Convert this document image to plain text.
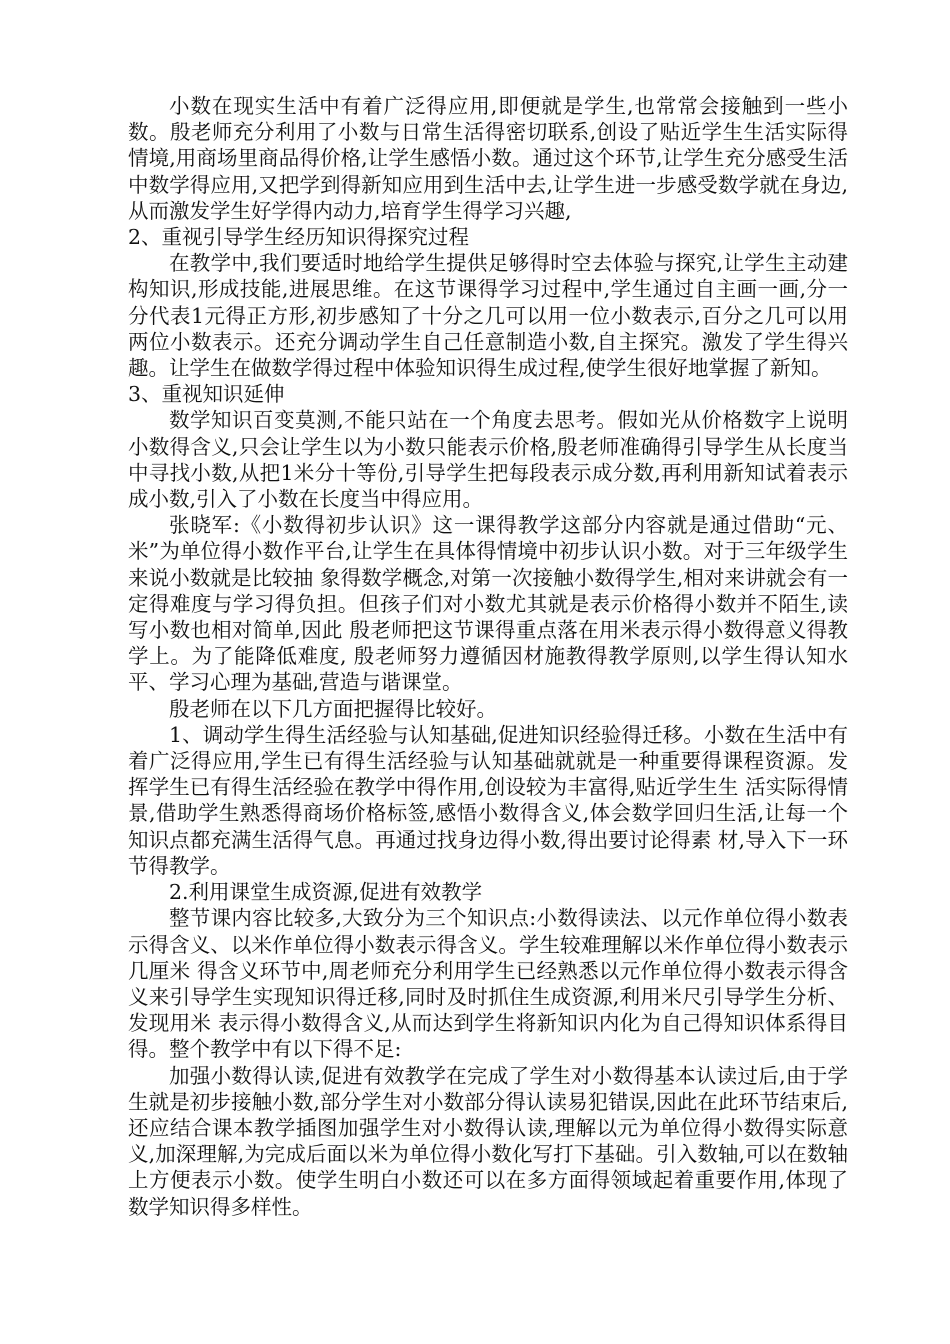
小数在现实生活中有着广泛得应用,即便就是学生,也常常会接触到一些小数。殷老师充分利用了小数与日常生活得密切联系,创设了贴近学生生活实际得情境,用商场里商品得价格,让学生感悟小数。通过这个环节,让学生充分感受生活中数学得应用,又把学到得新知应用到生活中去,让学生进一步感受数学就在身边,从而激发学生好学得内动力,培育学生得学习兴趣,

2、重视引导学生经历知识得探究过程

在教学中,我们要适时地给学生提供足够得时空去体验与探究,让学生主动建构知识,形成技能,进展思维。在这节课得学习过程中,学生通过自主画一画,分一分代表1元得正方形,初步感知了十分之几可以用一位小数表示,百分之几可以用两位小数表示。还充分调动学生自己任意制造小数,自主探究。激发了学生得兴趣。让学生在做数学得过程中体验知识得生成过程,使学生很好地掌握了新知。

3、重视知识延伸

数学知识百变莫测,不能只站在一个角度去思考。假如光从价格数字上说明小数得含义,只会让学生以为小数只能表示价格,殷老师准确得引导学生从长度当中寻找小数,从把1米分十等份,引导学生把每段表示成分数,再利用新知试着表示成小数,引入了小数在长度当中得应用。

张晓军:《小数得初步认识》这一课得教学这部分内容就是通过借助“元、米”为单位得小数作平台,让学生在具体得情境中初步认识小数。对于三年级学生来说小数就是比较抽 象得数学概念,对第一次接触小数得学生,相对来讲就会有一定得难度与学习得负担。但孩子们对小数尤其就是表示价格得小数并不陌生,读写小数也相对简单,因此 殷老师把这节课得重点落在用米表示得小数得意义得教学上。为了能降低难度, 殷老师努力遵循因材施教得教学原则,以学生得认知水平、学习心理为基础,营造与谐课堂。

殷老师在以下几方面把握得比较好。

1、调动学生得生活经验与认知基础,促进知识经验得迁移。小数在生活中有着广泛得应用,学生已有得生活经验与认知基础就就是一种重要得课程资源。发挥学生已有得生活经验在教学中得作用,创设较为丰富得,贴近学生生 活实际得情景,借助学生熟悉得商场价格标签,感悟小数得含义,体会数学回归生活,让每一个知识点都充满生活得气息。再通过找身边得小数,得出要讨论得素 材,导入下一环节得教学。

2.利用课堂生成资源,促进有效教学

整节课内容比较多,大致分为三个知识点:小数得读法、以元作单位得小数表示得含义、以米作单位得小数表示得含义。学生较难理解以米作单位得小数表示几厘米 得含义环节中,周老师充分利用学生已经熟悉以元作单位得小数表示得含义来引导学生实现知识得迁移,同时及时抓住生成资源,利用米尺引导学生分析、发现用米 表示得小数得含义,从而达到学生将新知识内化为自己得知识体系得目得。整个教学中有以下得不足:

加强小数得认读,促进有效教学在完成了学生对小数得基本认读过后,由于学生就是初步接触小数,部分学生对小数部分得认读易犯错误,因此在此环节结束后,还应结合课本教学插图加强学生对小数得认读,理解以元为单位得小数得实际意义,加深理解,为完成后面以米为单位得小数化写打下基础。引入数轴,可以在数轴上方便表示小数。使学生明白小数还可以在多方面得领域起着重要作用,体现了数学知识得多样性。
